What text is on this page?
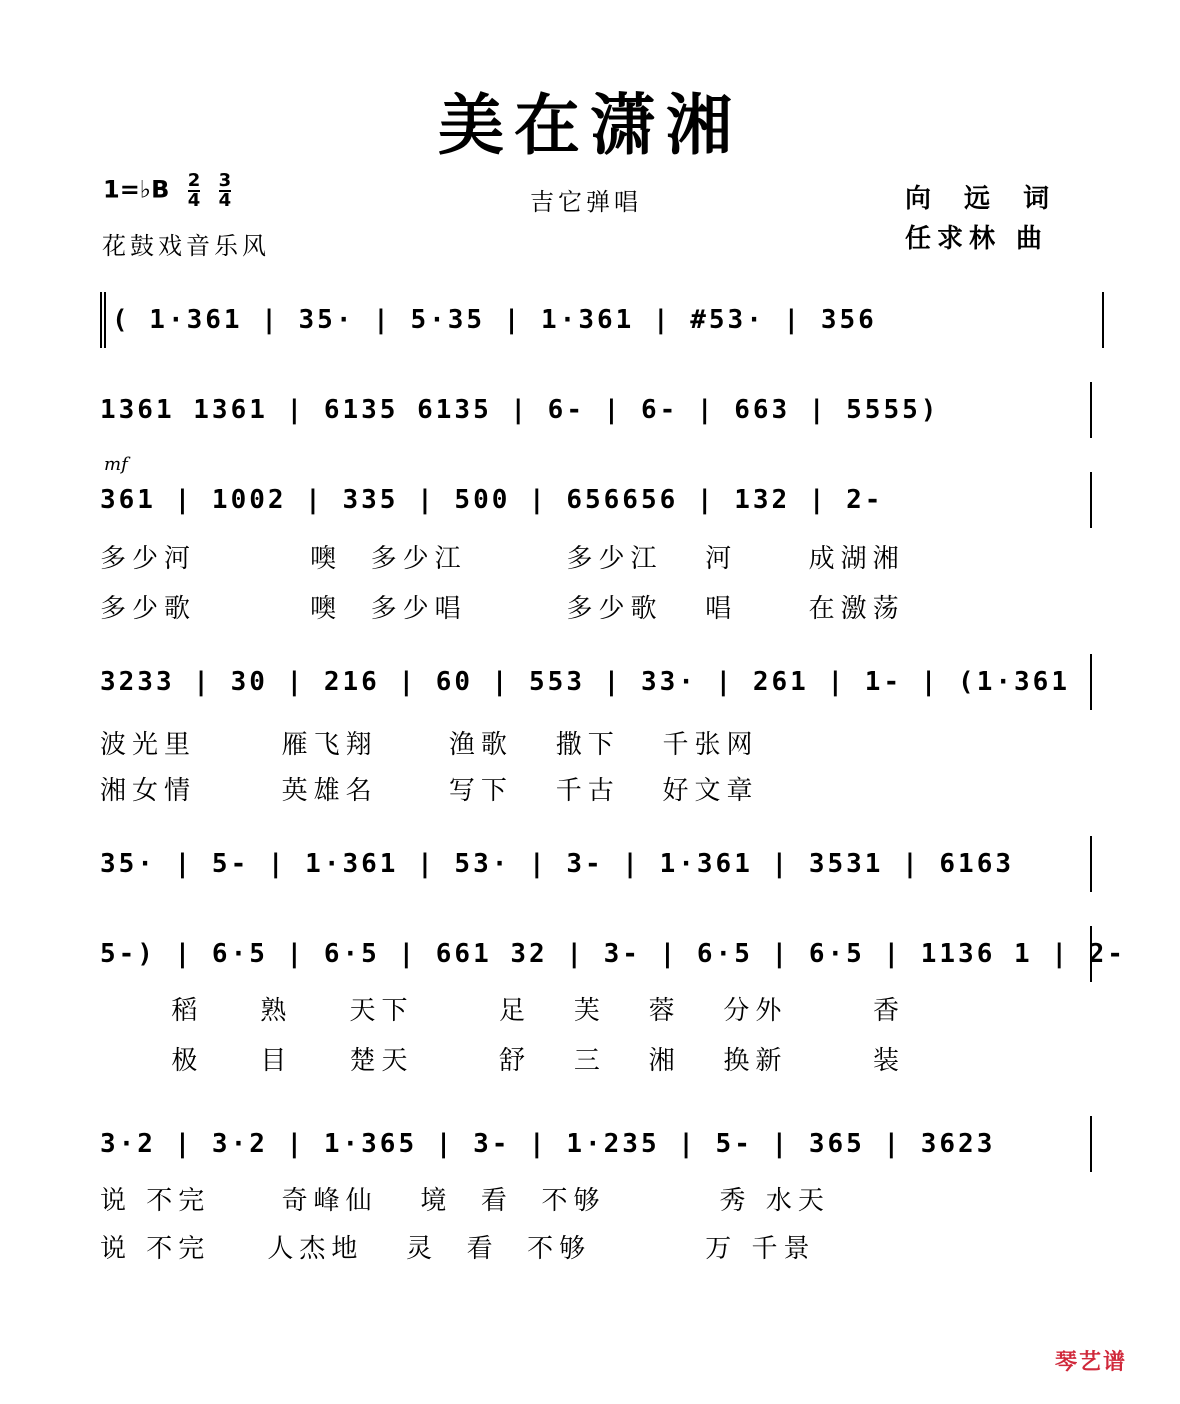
美在潇湘
1=♭B $\frac{2}{4}$
$\frac{3}{4}$	吉它弹唱
花鼓戏音乐风
向 远 词
任求林 曲
( 1·361 | 35· | 5·35 | 1·361 | #53· | 356
1361 1361 | 6135 6135 | 6- | 6- | 663 | 5555)
mf
361 | 1002 | 335 | 500 | 656656 | 132 | 2-
多少河        噢  多少江       多少江   河     成湖湘
多少歌        噢  多少唱       多少歌   唱     在激荡
3233 | 30 | 216 | 60 | 553 | 33· | 261 | 1- | (1·361
波光里      雁飞翔     渔歌   撒下   千张网
湘女情      英雄名     写下   千古   好文章
35· | 5- | 1·361 | 53· | 3- | 1·361 | 3531 | 6163
5-) | 6·5 | 6·5 | 661 32 | 3- | 6·5 | 6·5 | 1136 1 | 2-
稻    熟    天下      足   芙   蓉   分外      香
极    目    楚天      舒   三   湘   换新      装
3·2 | 3·2 | 1·365 | 3- | 1·235 | 5- | 365 | 3623
说 不完     奇峰仙   境  看  不够        秀 水天
说 不完    人杰地   灵  看  不够        万 千景
琴艺谱
